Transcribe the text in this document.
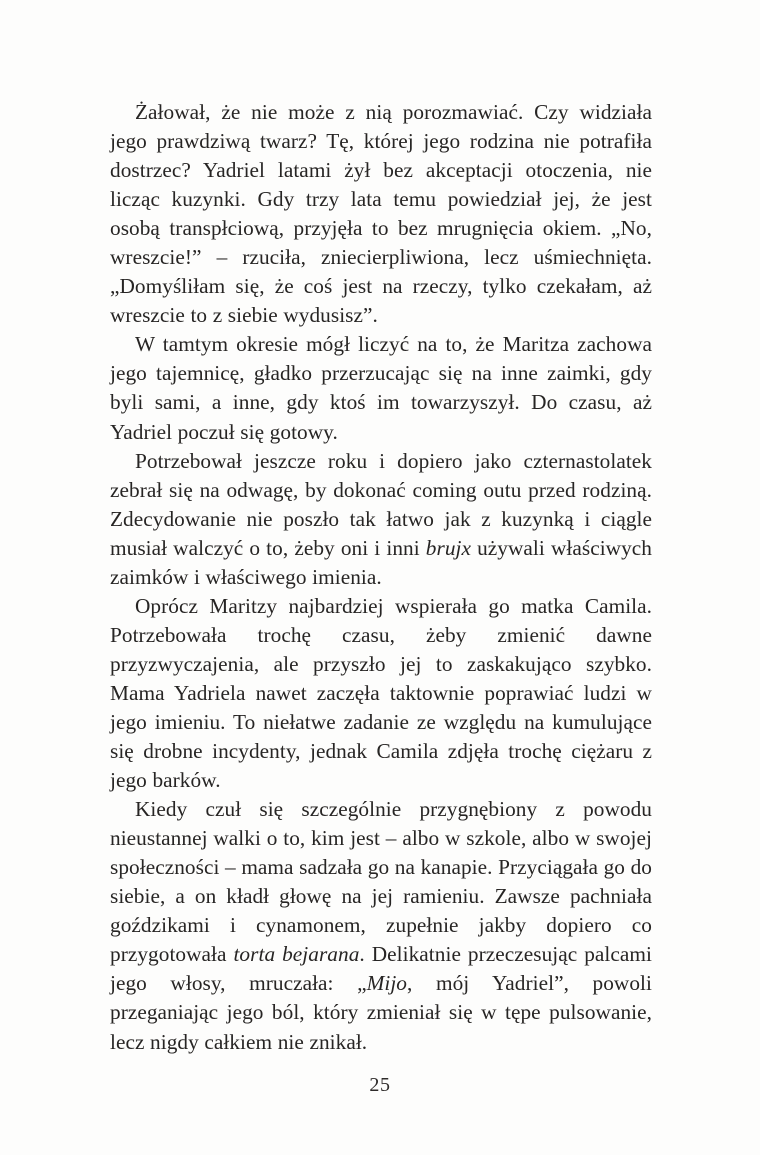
Żałował, że nie może z nią porozmawiać. Czy widziała jego prawdziwą twarz? Tę, której jego rodzina nie potrafiła dostrzec? Yadriel latami żył bez akceptacji otoczenia, nie licząc kuzynki. Gdy trzy lata temu powiedział jej, że jest osobą transpłciową, przyjęła to bez mrugnięcia okiem. „No, wreszcie!” – rzuciła, zniecierpliwiona, lecz uśmiechnięta. „Domyśliłam się, że coś jest na rzeczy, tylko czekałam, aż wreszcie to z siebie wydusisz”.

W tamtym okresie mógł liczyć na to, że Maritza zachowa jego tajemnicę, gładko przerzucając się na inne zaimki, gdy byli sami, a inne, gdy ktoś im towarzyszył. Do czasu, aż Yadriel poczuł się gotowy.

Potrzebował jeszcze roku i dopiero jako czternastolatek zebrał się na odwagę, by dokonać coming outu przed rodziną. Zdecydowanie nie poszło tak łatwo jak z kuzynką i ciągle musiał walczyć o to, żeby oni i inni brujx używali właściwych zaimków i właściwego imienia.

Oprócz Maritzy najbardziej wspierała go matka Camila. Potrzebowała trochę czasu, żeby zmienić dawne przyzwyczajenia, ale przyszło jej to zaskakująco szybko. Mama Yadriela nawet zaczęła taktownie poprawiać ludzi w jego imieniu. To niełatwe zadanie ze względu na kumulujące się drobne incydenty, jednak Camila zdjęła trochę ciężaru z jego barków.

Kiedy czuł się szczególnie przygnębiony z powodu nieustannej walki o to, kim jest – albo w szkole, albo w swojej społeczności – mama sadzała go na kanapie. Przyciągała go do siebie, a on kładł głowę na jej ramieniu. Zawsze pachniała goździkami i cynamonem, zupełnie jakby dopiero co przygotowała torta bejarana. Delikatnie przeczesując palcami jego włosy, mruczała: „Mijo, mój Yadriel”, powoli przeganiając jego ból, który zmieniał się w tępe pulsowanie, lecz nigdy całkiem nie znikał.

25
